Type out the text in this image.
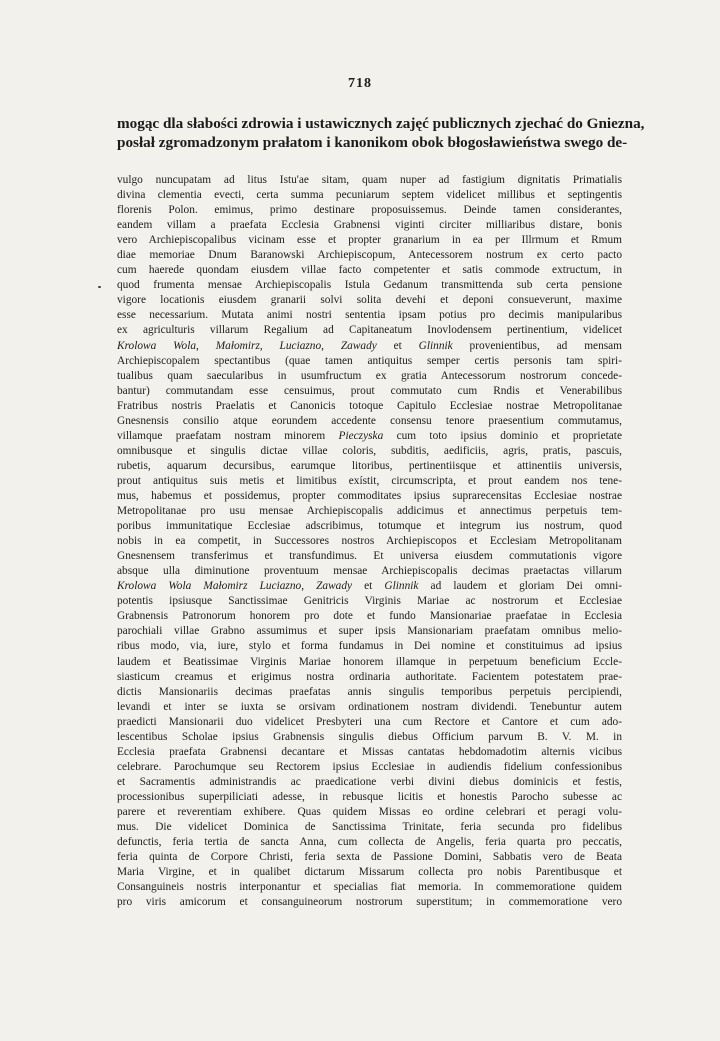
718
mogąc dla słabości zdrowia i ustawicznych zajęć publicznych zjechać do Gniezna,
posłał zgromadzonym prałatom i kanonikom obok błogosławieństwa swego de-
vulgo nuncupatam ad litus Istu'ae sitam, quam nuper ad fastigium dignitatis Primatialis
divina clementia evecti, certa summa pecuniarum septem videlicet millibus et septingentis
florenis Polon. emimus, primo destinare proposuissemus. Deinde tamen considerantes,
eandem villam a praefata Ecclesia Grabnensi viginti circiter milliaribus distare, bonis
vero Archiepiscopalibus vicinam esse et propter granarium in ea per Illrmum et Rmum
diae memoriae Dnum Baranowski Archiepiscopum, Antecessorem nostrum ex certo pacto
cum haerede quondam eiusdem villae facto competenter et satis commode extructum, in
quod frumenta mensae Archiepiscopalis Istula Gedanum transmittenda sub certa pensione
vigore locationis eiusdem granarii solvi solita devehi et deponi consueverunt, maxime
esse necessarium. Mutata animi nostri sententia ipsam potius pro decimis manipularibus
ex agriculturis villarum Regalium ad Capitaneatum Inovlodensem pertinentium, videlicet
Krolowa Wola, Małomirz, Luciazno, Zawady et Glinnik provenientibus, ad mensam
Archiepiscopalem spectantibus (quae tamen antiquitus semper certis personis tam spiri-
tualibus quam saecularibus in usumfructum ex gratia Antecessorum nostrorum concede-
bantur) commutandam esse censuimus, prout commutato cum Rndis et Venerabilibus
Fratribus nostris Praelatis et Canonicis totoque Capitulo Ecclesiae nostrae Metropolitanae
Gnesnensis consilio atque eorundem accedente consensu tenore praesentium commutamus,
villamque praefatam nostram minorem Pieczyska cum toto ipsius dominio et proprietate
omnibusque et singulis dictae villae coloris, subditis, aedificiis, agris, pratis, pascuis,
rubetis, aquarum decursibus, earumque litoribus, pertinentiisque et attinentiis universis,
prout antiquitus suis metis et limitibus exístit, circumscripta, et prout eandem nos tene-
mus, habemus et possidemus, propter commoditates ipsius suprarecensitas Ecclesiae nostrae
Metropolitanae pro usu mensae Archiepiscopalis addicimus et annectimus perpetuis tem-
poribus immunitatique Ecclesiae adscribimus, totumque et integrum ius nostrum, quod
nobis in ea competit, in Successores nostros Archiepiscopos et Ecclesiam Metropolitanam
Gnesnensem transferimus et transfundimus. Et universa eiusdem commutationis vigore
absque ulla diminutione proventuum mensae Archiepiscopalis decimas praetactas villarum
Krolowa Wola Małomirz Luciazno, Zawady et Glinnik ad laudem et gloriam Dei omni-
potentis ipsiusque Sanctissimae Genitricis Virginis Mariae ac nostrorum et Ecclesiae
Grabnensis Patronorum honorem pro dote et fundo Mansionariae praefatae in Ecclesia
parochiali villae Grabno assumimus et super ipsis Mansionariam praefatam omnibus melio-
ribus modo, via, iure, stylo et forma fundamus in Dei nomine et constituimus ad ipsius
laudem et Beatissimae Virginis Mariae honorem illamque in perpetuum beneficium Eccle-
siasticum creamus et erigimus nostra ordinaria authoritate. Facientem potestatem prae-
dictis Mansionariis decimas praefatas annis singulis temporibus perpetuis percipiendi,
levandi et inter se iuxta se orsivam ordinationem nostram dividendi. Tenebuntur autem
praedicti Mansionarii duo videlicet Presbyteri una cum Rectore et Cantore et cum ado-
lescentibus Scholae ipsius Grabnensis singulis diebus Officium parvum B. V. M. in
Ecclesia praefata Grabnensi decantare et Missas cantatas hebdomadotim alternis vicibus
celebrare. Parochumque seu Rectorem ipsius Ecclesiae in audiendis fidelium confessionibus
et Sacramentis administrandis ac praedicatione verbi divini diebus dominicis et festis,
processionibus superpiliciati adesse, in rebusque licitis et honestis Parocho subesse ac
parere et reverentiam exhibere. Quas quidem Missas eo ordine celebrari et peragi volu-
mus. Die videlicet Dominica de Sanctissima Trinitate, feria secunda pro fidelibus
defunctis, feria tertia de sancta Anna, cum collecta de Angelis, feria quarta pro peccatis,
feria quinta de Corpore Christi, feria sexta de Passione Domini, Sabbatis vero de Beata
Maria Virgine, et in qualibet dictarum Missarum collecta pro nobis Parentibusque et
Consanguineis nostris interponantur et specialias fiat memoria. In commemoratione quidem
pro viris amicorum et consanguineorum nostrorum superstitum; in commemoratione vero
